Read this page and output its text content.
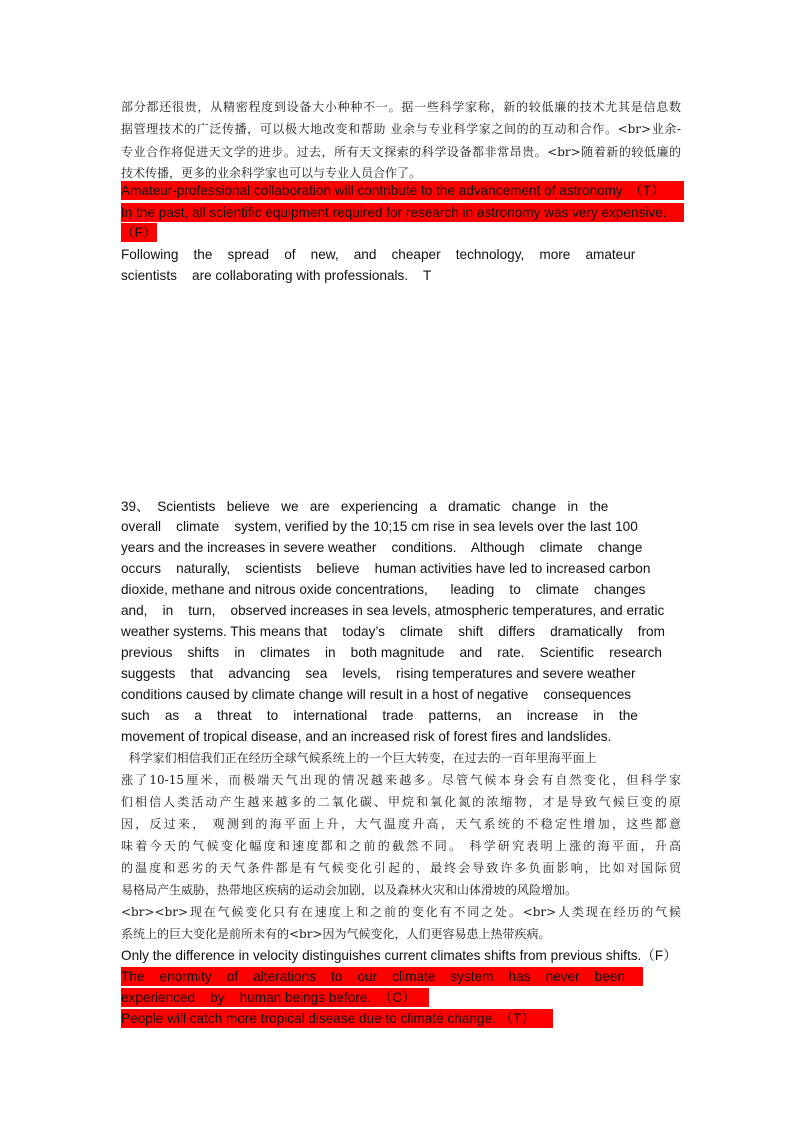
部分都还很贵，从精密程度到设备大小种种不一。据一些科学家称，新的较低廉的技术尤其是信息数
据管理技术的广泛传播，可以极大地改变和帮助 业余与专业科学家之间的的互动和合作。<br>业余-
专业合作将促进天文学的进步。过去，所有天文探索的科学设备都非常昂贵。<br>随着新的较低廉的
技术传播，更多的业余科学家也可以与专业人员合作了。
Amateur-professional collaboration will contribute to the advancement of astronomy. （T）
In the past, all scientific equipment required for research in astronomy was very expensive.
（F）
Following    the    spread    of    new,    and    cheaper    technology,    more    amateur
scientists    are collaborating with professionals.    T
39、  Scientists   believe   we   are   experiencing   a   dramatic   change   in   the
overall    climate    system, verified by the 10;15 cm rise in sea levels over the last 100
years and the increases in severe weather    conditions.    Although    climate    change
occurs    naturally,    scientists    believe    human activities have led to increased carbon
dioxide, methane and nitrous oxide concentrations,      leading    to    climate    changes
and,    in    turn,    observed increases in sea levels, atmospheric temperatures, and erratic
weather systems. This means that    today’s    climate    shift    differs    dramatically    from
previous    shifts    in    climates    in    both magnitude    and    rate.    Scientific    research
suggests    that    advancing    sea    levels,    rising temperatures and severe weather
conditions caused by climate change will result in a host of negative    consequences
such    as    a    threat    to    international    trade    patterns,    an    increase    in    the
movement of tropical disease, and an increased risk of forest fires and landslides.
科学家们相信我们正在经历全球气候系统上的一个巨大转变，在过去的一百年里海平面上
涨了10-15厘米，而极端天气出现的情况越来越多。尽管气候本身会有自然变化，但科学家
们相信人类活动产生越来越多的二氧化碳、甲烷和氧化氮的浓缩物，才是导致气候巨变的原
因，反过来， 观测到的海平面上升，大气温度升高，天气系统的不稳定性增加，这些都意
味着今天的气候变化幅度和速度都和之前的截然不同。 科学研究表明上涨的海平面，升高
的温度和恶劣的天气条件都是有气候变化引起的，最终会导致许多负面影响，比如对国际贸
易格局产生威胁，热带地区疾病的运动会加剧，以及森林火灾和山体滑坡的风险增加。
<br><br>现在气候变化只有在速度上和之前的变化有不同之处。<br>人类现在经历的气候
系统上的巨大变化是前所未有的<br>因为气候变化，人们更容易患上热带疾病。
Only the difference in velocity distinguishes current climates shifts from previous shifts.（F）
The    enormity    of    alterations    to    our    climate    system    has    never    been
experienced    by    human beings before.  （C）
People will catch more tropical disease due to climate change. （T）
